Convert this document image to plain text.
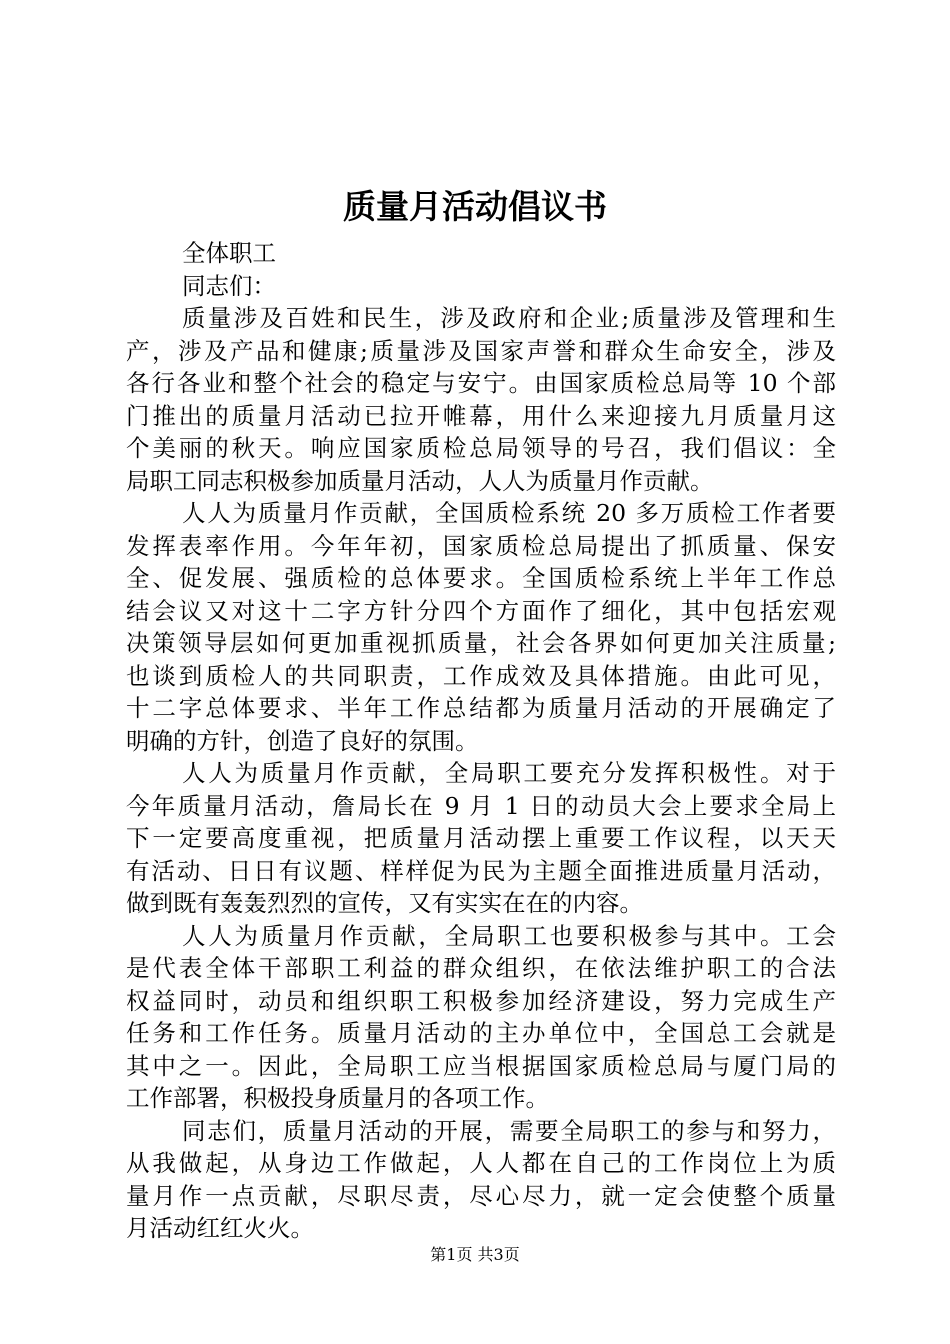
质量月活动倡议书

全体职工

同志们：

质量涉及百姓和民生，涉及政府和企业;质量涉及管理和生

产，涉及产品和健康;质量涉及国家声誉和群众生命安全，涉及

各行各业和整个社会的稳定与安宁。由国家质检总局等 10 个部

门推出的质量月活动已拉开帷幕，用什么来迎接九月质量月这

个美丽的秋天。响应国家质检总局领导的号召，我们倡议：全

局职工同志积极参加质量月活动，人人为质量月作贡献。

人人为质量月作贡献，全国质检系统 20 多万质检工作者要

发挥表率作用。今年年初，国家质检总局提出了抓质量、保安

全、促发展、强质检的总体要求。全国质检系统上半年工作总

结会议又对这十二字方针分四个方面作了细化，其中包括宏观

决策领导层如何更加重视抓质量，社会各界如何更加关注质量;

也谈到质检人的共同职责，工作成效及具体措施。由此可见，

十二字总体要求、半年工作总结都为质量月活动的开展确定了

明确的方针，创造了良好的氛围。

人人为质量月作贡献，全局职工要充分发挥积极性。对于

今年质量月活动，詹局长在 9 月 1 日的动员大会上要求全局上

下一定要高度重视，把质量月活动摆上重要工作议程，以天天

有活动、日日有议题、样样促为民为主题全面推进质量月活动，

做到既有轰轰烈烈的宣传，又有实实在在的内容。

人人为质量月作贡献，全局职工也要积极参与其中。工会

是代表全体干部职工利益的群众组织，在依法维护职工的合法

权益同时，动员和组织职工积极参加经济建设，努力完成生产

任务和工作任务。质量月活动的主办单位中，全国总工会就是

其中之一。因此，全局职工应当根据国家质检总局与厦门局的

工作部署，积极投身质量月的各项工作。

同志们，质量月活动的开展，需要全局职工的参与和努力，

从我做起，从身边工作做起，人人都在自己的工作岗位上为质

量月作一点贡献，尽职尽责，尽心尽力，就一定会使整个质量

月活动红红火火。

第1页 共3页
